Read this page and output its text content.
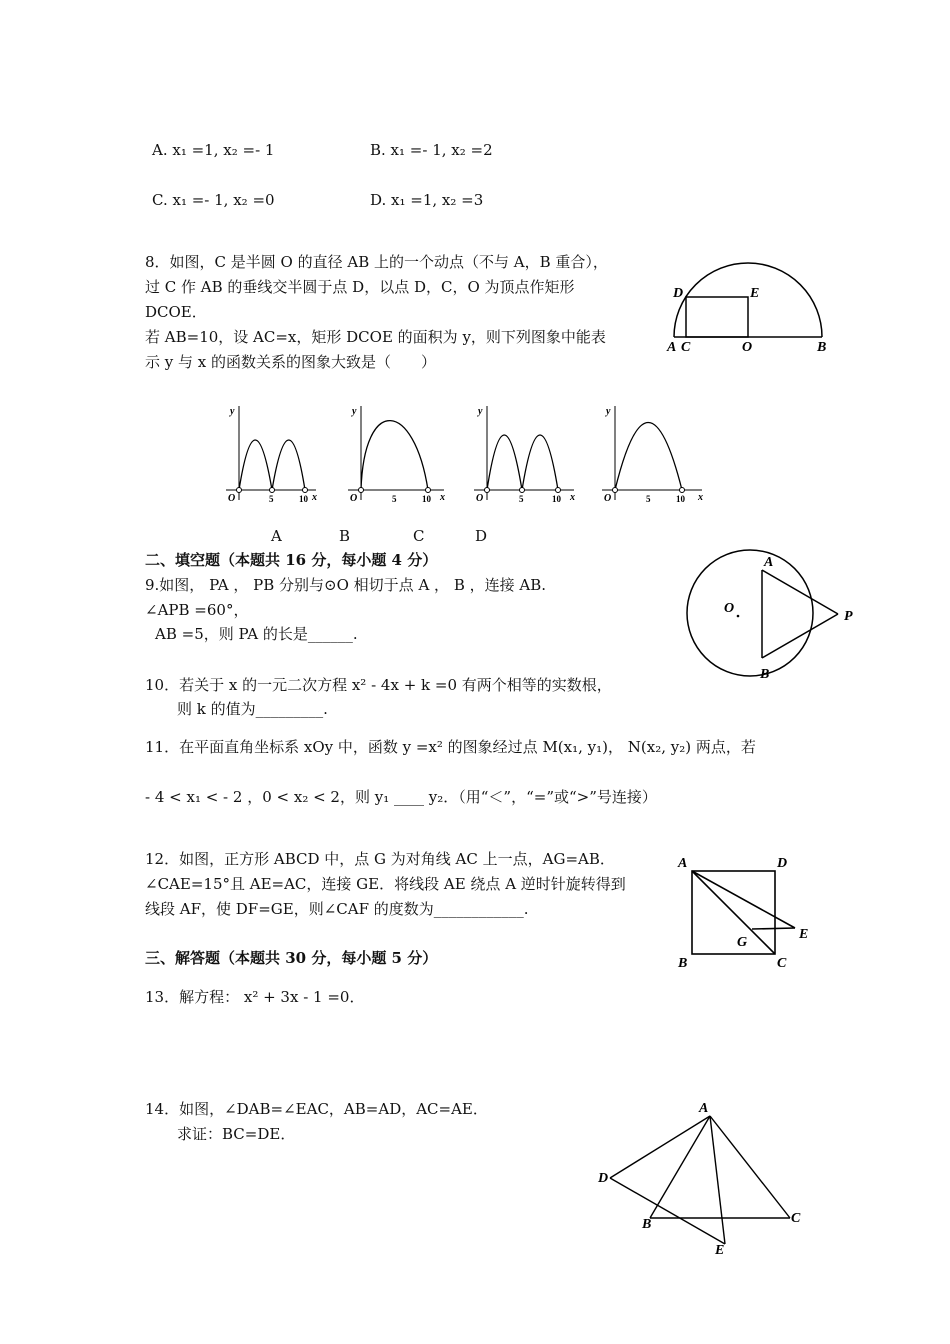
A. x₁ =1, x₂ =- 1	B. x₁ =- 1, x₂ =2
C. x₁ =- 1, x₂ =0	D. x₁ =1, x₂ =3
8．如图，C 是半圆 O 的直径 AB 上的一个动点（不与 A，B 重合），
过 C 作 AB 的垂线交半圆于点 D，以点 D，C，O 为顶点作矩形
DCOE．
若 AB=10，设 AC=x，矩形 DCOE 的面积为 y，则下列图象中能表
示 y 与 x 的函数关系的图象大致是（　　）
A C	O	B
D	E
y
O	5	10 x
y
O	5	10 x
y
O	5	10 x
y
O	5	10 x
A	B	C	D
二、填空题（本题共 16 分，每小题 4 分）
9.如图， PA ， PB 分别与⊙O 相切于点 A ， B ，连接 AB.
∠APB =60°，
AB =5，则 PA 的长是______.
A
B
O
P
10．若关于 x 的一元二次方程 x² - 4x + k =0 有两个相等的实数根，
则 k 的值为_________.
11．在平面直角坐标系 xOy 中，函数 y =x² 的图象经过点 M(x₁, y₁)， N(x₂, y₂) 两点，若
- 4 < x₁ < - 2 ，0 < x₂ < 2，则 y₁ ____ y₂．（用“＜”，“=”或“>”号连接）
12．如图，正方形 ABCD 中，点 G 为对角线 AC 上一点，AG=AB．
∠CAE=15°且 AE=AC，连接 GE．将线段 AE 绕点 A 逆时针旋转得到
线段 AF，使 DF=GE，则∠CAF 的度数为____________.
A	D
B	C
E
G
三、解答题（本题共 30 分，每小题 5 分）
13．解方程： x² + 3x - 1 =0．
14．如图，∠DAB=∠EAC，AB=AD，AC=AE．
求证：BC=DE．
A
D
B	C
E
